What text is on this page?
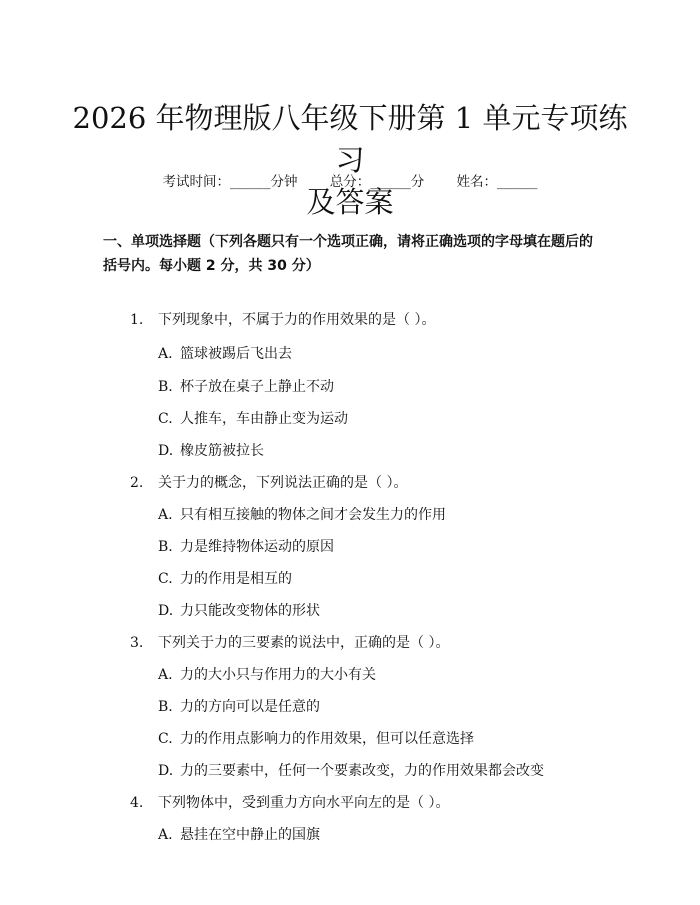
2026 年物理版八年级下册第 1 单元专项练习
及答案
考试时间：______分钟 总分：______分 姓名：______
一、单项选择题（下列各题只有一个选项正确，请将正确选项的字母填在题后的括号内。每小题 2 分，共 30 分）
1. 下列现象中，不属于力的作用效果的是（ ）。
A. 篮球被踢后飞出去
B. 杯子放在桌子上静止不动
C. 人推车，车由静止变为运动
D. 橡皮筋被拉长
2. 关于力的概念，下列说法正确的是（ ）。
A. 只有相互接触的物体之间才会发生力的作用
B. 力是维持物体运动的原因
C. 力的作用是相互的
D. 力只能改变物体的形状
3. 下列关于力的三要素的说法中，正确的是（ ）。
A. 力的大小只与作用力的大小有关
B. 力的方向可以是任意的
C. 力的作用点影响力的作用效果，但可以任意选择
D. 力的三要素中，任何一个要素改变，力的作用效果都会改变
4. 下列物体中，受到重力方向水平向左的是（ ）。
A. 悬挂在空中静止的国旗
